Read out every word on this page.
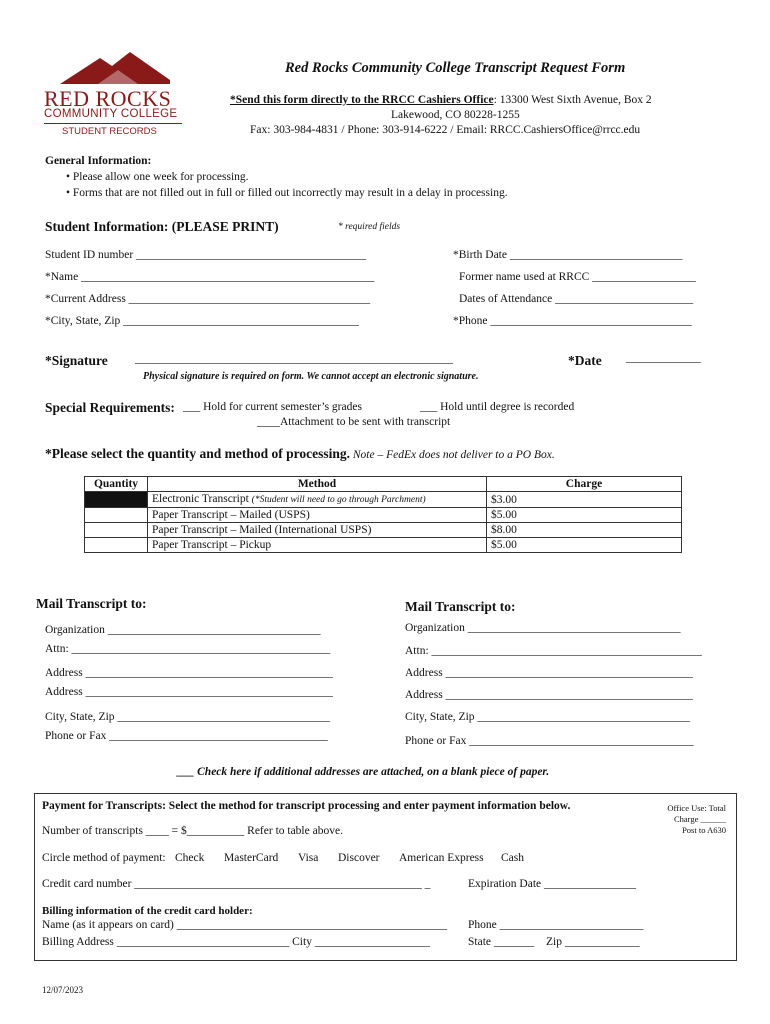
RED ROCKS
COMMUNITY COLLEGE
STUDENT RECORDS
Red Rocks Community College Transcript Request Form
*Send this form directly to the RRCC Cashiers Office: 13300 West Sixth Avenue, Box 2
Lakewood, CO 80228-1255
Fax: 303-984-4831 / Phone: 303-914-6222 / Email: RRCC.CashiersOffice@rrcc.edu
General Information:
• Please allow one week for processing.
• Forms that are not filled out in full or filled out incorrectly may result in a delay in processing.
Student Information: (PLEASE PRINT)	* required fields
Student ID number ________________________________________	*Birth Date ______________________________
*Name ___________________________________________________	Former name used at RRCC __________________
*Current Address __________________________________________	Dates of Attendance ________________________
*City, State, Zip _________________________________________	*Phone ___________________________________
*Signature _____________________________________________________	*Date _____________
Physical signature is required on form. We cannot accept an electronic signature.
Special Requirements: ___ Hold for current semester’s grades	___ Hold until degree is recorded
____Attachment to be sent with transcript
*Please select the quantity and method of processing. Note – FedEx does not deliver to a PO Box.
Quantity	Method	Charge
	Electronic Transcript (*Student will need to go through Parchment)	$3.00
	Paper Transcript – Mailed (USPS)	$5.00
	Paper Transcript – Mailed (International USPS)	$8.00
	Paper Transcript – Pickup	$5.00
Mail Transcript to:	Mail Transcript to:
Organization _____________________________________
Attn: _____________________________________________
Address ___________________________________________
Address ___________________________________________
City, State, Zip _____________________________________
Phone or Fax ______________________________________
Organization _____________________________________
Attn: _______________________________________________
Address ___________________________________________
Address ___________________________________________
City, State, Zip _____________________________________
Phone or Fax _______________________________________
___ Check here if additional addresses are attached, on a blank piece of paper.
Payment for Transcripts: Select the method for transcript processing and enter payment information below.
Number of transcripts ____ = $__________ Refer to table above.
Office Use: Total
Charge ______
Post to A630
Circle method of payment: Check MasterCard Visa Discover American Express Cash
Credit card number __________________________________________________ _	Expiration Date ________________
Billing information of the credit card holder:
Name (as it appears on card) _______________________________________________ Phone _________________________
Billing Address ______________________________ City ____________________	State _______ Zip _____________
12/07/2023
